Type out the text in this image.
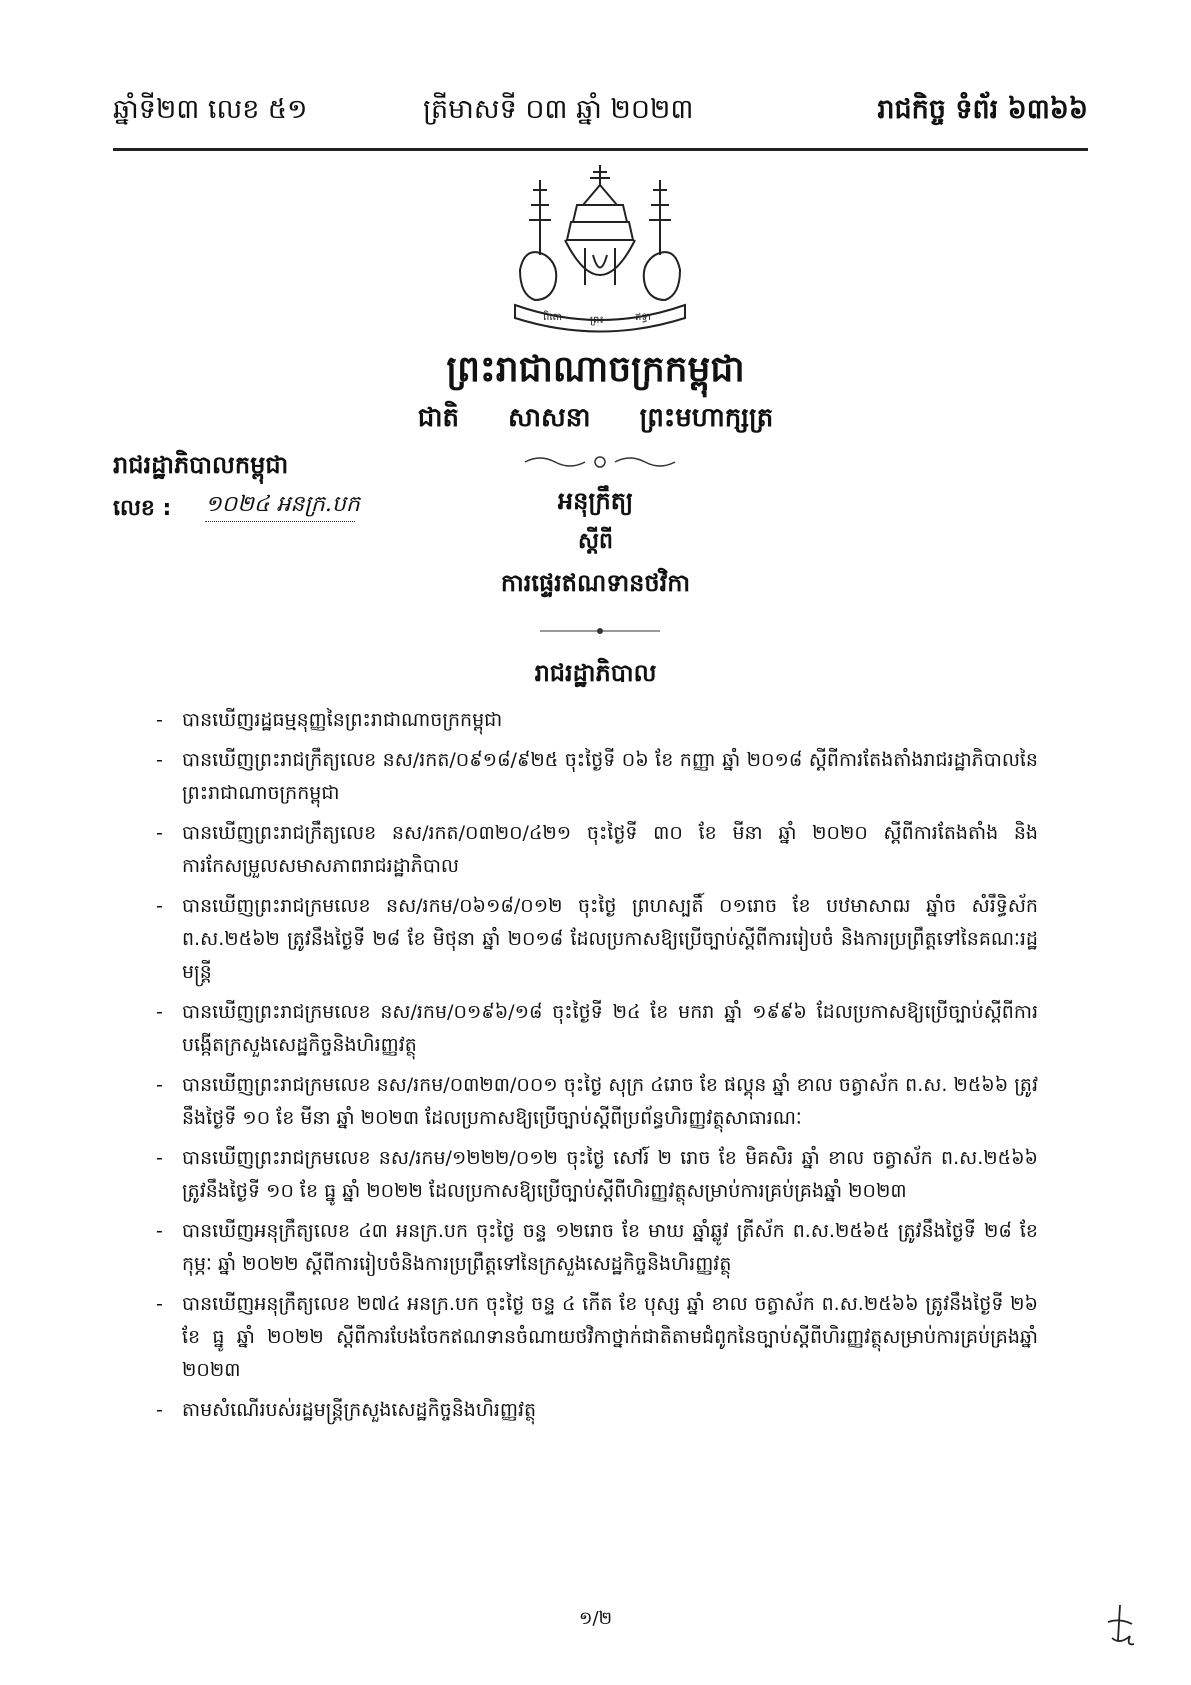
ឆ្នាំទី២៣ លេខ ៥១	ត្រីមាសទី ០៣ ឆ្នាំ ២០២៣	រាជកិច្ច ទំព័រ ៦៣៦៦
ពិតោ	ព្រះ	ឥទ្ធា
ព្រះរាជាណាចក្រកម្ពុជា
ជាតិ សាសនា ព្រះមហាក្សត្រ
រាជរដ្ឋាភិបាលកម្ពុជា
លេខ : ១០២៤ អនក្រ.បក	អនុក្រឹត្យ
ស្តីពី
ការផ្ទេរឥណទានថវិកា
រាជរដ្ឋាភិបាល
- បានឃើញរដ្ឋធម្មនុញ្ញនៃព្រះរាជាណាចក្រកម្ពុជា
- បានឃើញព្រះរាជក្រឹត្យលេខ នស/រកត/០៩១៨/៩២៥ ចុះថ្ងៃទី ០៦ ខែ កញ្ញា ឆ្នាំ ២០១៨ ស្តីពីការតែងតាំងរាជរដ្ឋាភិបាលនៃព្រះរាជាណាចក្រកម្ពុជា
- បានឃើញព្រះរាជក្រឹត្យលេខ នស/រកត/០៣២០/៤២១ ចុះថ្ងៃទី ៣០ ខែ មីនា ឆ្នាំ ២០២០ ស្តីពីការតែងតាំង និងការកែសម្រួលសមាសភាពរាជរដ្ឋាភិបាល
- បានឃើញព្រះរាជក្រមលេខ នស/រកម/០៦១៨/០១២ ចុះថ្ងៃ ព្រហស្បតិ៍ ០១រោច ខែ បឋមាសាឍ ឆ្នាំច សំរឹទ្ធិស័ក ព.ស.២៥៦២ ត្រូវនឹងថ្ងៃទី ២៨ ខែ មិថុនា ឆ្នាំ ២០១៨ ដែលប្រកាសឱ្យប្រើច្បាប់ស្តីពីការរៀបចំ និងការប្រព្រឹត្តទៅនៃគណៈរដ្ឋមន្ត្រី
- បានឃើញព្រះរាជក្រមលេខ នស/រកម/០១៩៦/១៨ ចុះថ្ងៃទី ២៤ ខែ មករា ឆ្នាំ ១៩៩៦ ដែលប្រកាសឱ្យប្រើច្បាប់ស្តីពីការបង្កើតក្រសួងសេដ្ឋកិច្ចនិងហិរញ្ញវត្ថុ
- បានឃើញព្រះរាជក្រមលេខ នស/រកម/០៣២៣/០០១ ចុះថ្ងៃ សុក្រ ៤រោច ខែ ផល្គុន ឆ្នាំ ខាល ចត្វាស័ក ព.ស. ២៥៦៦ ត្រូវនឹងថ្ងៃទី ១០ ខែ មីនា ឆ្នាំ ២០២៣ ដែលប្រកាសឱ្យប្រើច្បាប់ស្តីពីប្រព័ន្ធហិរញ្ញវត្ថុសាធារណៈ
- បានឃើញព្រះរាជក្រមលេខ នស/រកម/១២២២/០១២ ចុះថ្ងៃ សៅរ៍ ២ រោច ខែ មិគសិរ ឆ្នាំ ខាល ចត្វាស័ក ព.ស.២៥៦៦ ត្រូវនឹងថ្ងៃទី ១០ ខែ ធ្នូ ឆ្នាំ ២០២២ ដែលប្រកាសឱ្យប្រើច្បាប់ស្តីពីហិរញ្ញវត្ថុសម្រាប់ការគ្រប់គ្រងឆ្នាំ ២០២៣
- បានឃើញអនុក្រឹត្យលេខ ៤៣ អនក្រ.បក ចុះថ្ងៃ ចន្ទ ១២រោច ខែ មាឃ ឆ្នាំឆ្លូវ ត្រីស័ក ព.ស.២៥៦៥ ត្រូវនឹងថ្ងៃទី ២៨ ខែ កុម្ភៈ ឆ្នាំ ២០២២ ស្តីពីការរៀបចំនិងការប្រព្រឹត្តទៅនៃក្រសួងសេដ្ឋកិច្ចនិងហិរញ្ញវត្ថុ
- បានឃើញអនុក្រឹត្យលេខ ២៧៤ អនក្រ.បក ចុះថ្ងៃ ចន្ទ ៤ កើត ខែ បុស្ស ឆ្នាំ ខាល ចត្វាស័ក ព.ស.២៥៦៦ ត្រូវនឹងថ្ងៃទី ២៦ ខែ ធ្នូ ឆ្នាំ ២០២២ ស្តីពីការបែងចែកឥណទានចំណាយថវិកាថ្នាក់ជាតិតាមជំពូកនៃច្បាប់ស្តីពីហិរញ្ញវត្ថុសម្រាប់ការគ្រប់គ្រងឆ្នាំ ២០២៣
- តាមសំណើរបស់រដ្ឋមន្ត្រីក្រសួងសេដ្ឋកិច្ចនិងហិរញ្ញវត្ថុ
១/២
